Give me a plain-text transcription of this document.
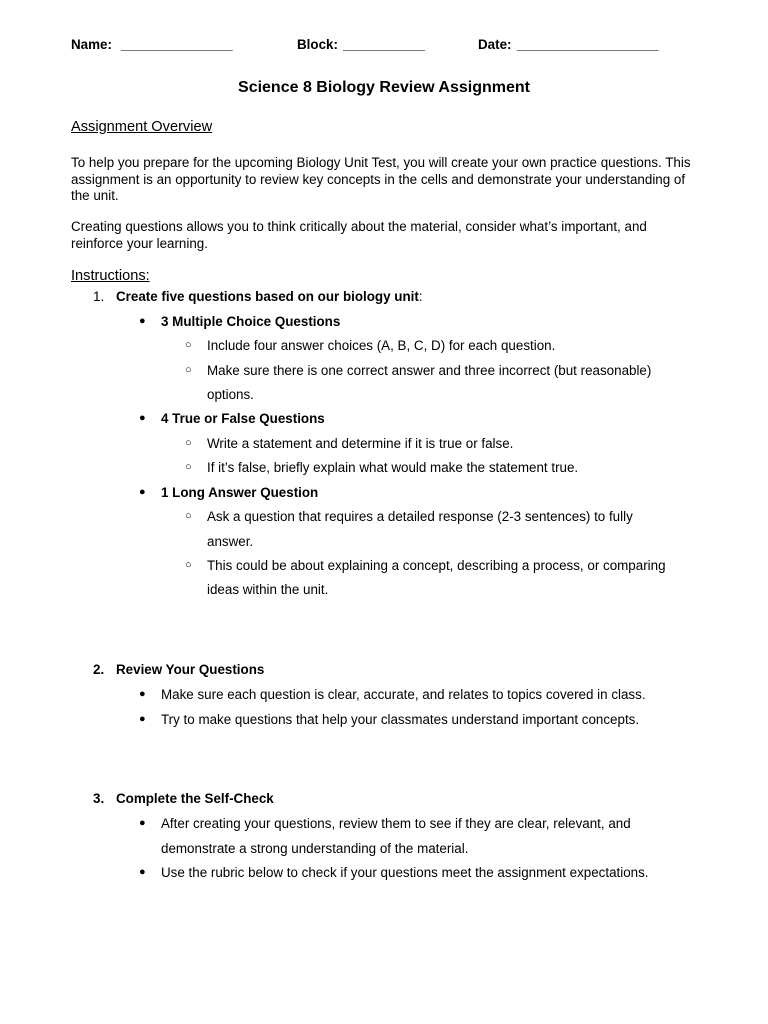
Name: _______________	Block: ___________	Date: ___________________
Science 8 Biology Review Assignment
Assignment Overview
To help you prepare for the upcoming Biology Unit Test, you will create your own practice questions. This assignment is an opportunity to review key concepts in the cells and demonstrate your understanding of the unit.
Creating questions allows you to think critically about the material, consider what’s important, and reinforce your learning.
Instructions:
1. Create five questions based on our biology unit:
● 3 Multiple Choice Questions
○ Include four answer choices (A, B, C, D) for each question.
○ Make sure there is one correct answer and three incorrect (but reasonable)
options.
● 4 True or False Questions
○ Write a statement and determine if it is true or false.
○ If it’s false, briefly explain what would make the statement true.
● 1 Long Answer Question
○ Ask a question that requires a detailed response (2-3 sentences) to fully
answer.
○ This could be about explaining a concept, describing a process, or comparing
ideas within the unit.
2. Review Your Questions
● Make sure each question is clear, accurate, and relates to topics covered in class.
● Try to make questions that help your classmates understand important concepts.
3. Complete the Self-Check
● After creating your questions, review them to see if they are clear, relevant, and
demonstrate a strong understanding of the material.
● Use the rubric below to check if your questions meet the assignment expectations.
